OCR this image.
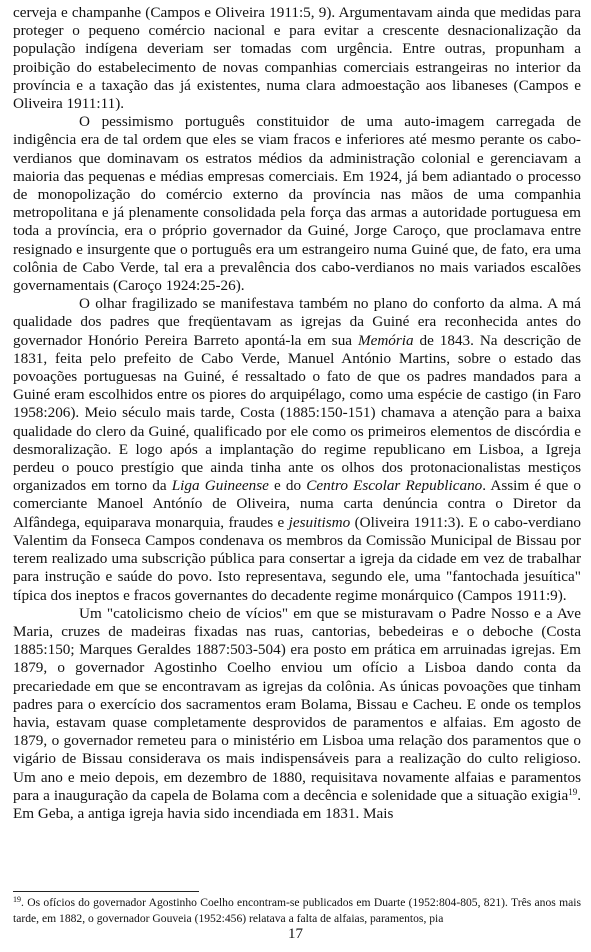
cerveja e champanhe (Campos e Oliveira 1911:5, 9). Argumentavam ainda que medidas para proteger o pequeno comércio nacional e para evitar a crescente desnacionalização da população indígena deveriam ser tomadas com urgência. Entre outras, propunham a proibição do estabelecimento de novas companhias comerciais estrangeiras no interior da província e a taxação das já existentes, numa clara admoestação aos libaneses (Campos e Oliveira 1911:11).

O pessimismo português constituidor de uma auto-imagem carregada de indigência era de tal ordem que eles se viam fracos e inferiores até mesmo perante os cabo-verdianos que dominavam os estratos médios da administração colonial e gerenciavam a maioria das pequenas e médias empresas comerciais. Em 1924, já bem adiantado o processo de monopolização do comércio externo da província nas mãos de uma companhia metropolitana e já plenamente consolidada pela força das armas a autoridade portuguesa em toda a província, era o próprio governador da Guiné, Jorge Caroço, que proclamava entre resignado e insurgente que o português era um estrangeiro numa Guiné que, de fato, era uma colônia de Cabo Verde, tal era a prevalência dos cabo-verdianos no mais variados escalões governamentais (Caroço 1924:25-26).

O olhar fragilizado se manifestava também no plano do conforto da alma. A má qualidade dos padres que freqüentavam as igrejas da Guiné era reconhecida antes do governador Honório Pereira Barreto apontá-la em sua Memória de 1843. Na descrição de 1831, feita pelo prefeito de Cabo Verde, Manuel António Martins, sobre o estado das povoações portuguesas na Guiné, é ressaltado o fato de que os padres mandados para a Guiné eram escolhidos entre os piores do arquipélago, como uma espécie de castigo (in Faro 1958:206). Meio século mais tarde, Costa (1885:150-151) chamava a atenção para a baixa qualidade do clero da Guiné, qualificado por ele como os primeiros elementos de discórdia e desmoralização. E logo após a implantação do regime republicano em Lisboa, a Igreja perdeu o pouco prestígio que ainda tinha ante os olhos dos protonacionalistas mestiços organizados em torno da Liga Guineense e do Centro Escolar Republicano. Assim é que o comerciante Manoel Antónío de Oliveira, numa carta denúncia contra o Diretor da Alfândega, equiparava monarquia, fraudes e jesuitismo (Oliveira 1911:3). E o cabo-verdiano Valentim da Fonseca Campos condenava os membros da Comissão Municipal de Bissau por terem realizado uma subscrição pública para consertar a igreja da cidade em vez de trabalhar para instrução e saúde do povo. Isto representava, segundo ele, uma "fantochada jesuítica" típica dos ineptos e fracos governantes do decadente regime monárquico (Campos 1911:9).

Um "catolicismo cheio de vícios" em que se misturavam o Padre Nosso e a Ave Maria, cruzes de madeiras fixadas nas ruas, cantorias, bebedeiras e o deboche (Costa 1885:150; Marques Geraldes 1887:503-504) era posto em prática em arruinadas igrejas. Em 1879, o governador Agostinho Coelho enviou um ofício a Lisboa dando conta da precariedade em que se encontravam as igrejas da colônia. As únicas povoações que tinham padres para o exercício dos sacramentos eram Bolama, Bissau e Cacheu. E onde os templos havia, estavam quase completamente desprovidos de paramentos e alfaias. Em agosto de 1879, o governador remeteu para o ministério em Lisboa uma relação dos paramentos que o vigário de Bissau considerava os mais indispensáveis para a realização do culto religioso. Um ano e meio depois, em dezembro de 1880, requisitava novamente alfaias e paramentos para a inauguração da capela de Bolama com a decência e solenidade que a situação exigia$^{19}$. Em Geba, a antiga igreja havia sido incendiada em 1831. Mais

$^{19}$. Os ofícios do governador Agostinho Coelho encontram-se publicados em Duarte (1952:804-805, 821). Três anos mais tarde, em 1882, o governador Gouveia (1952:456) relatava a falta de alfaias, paramentos, pia

17
